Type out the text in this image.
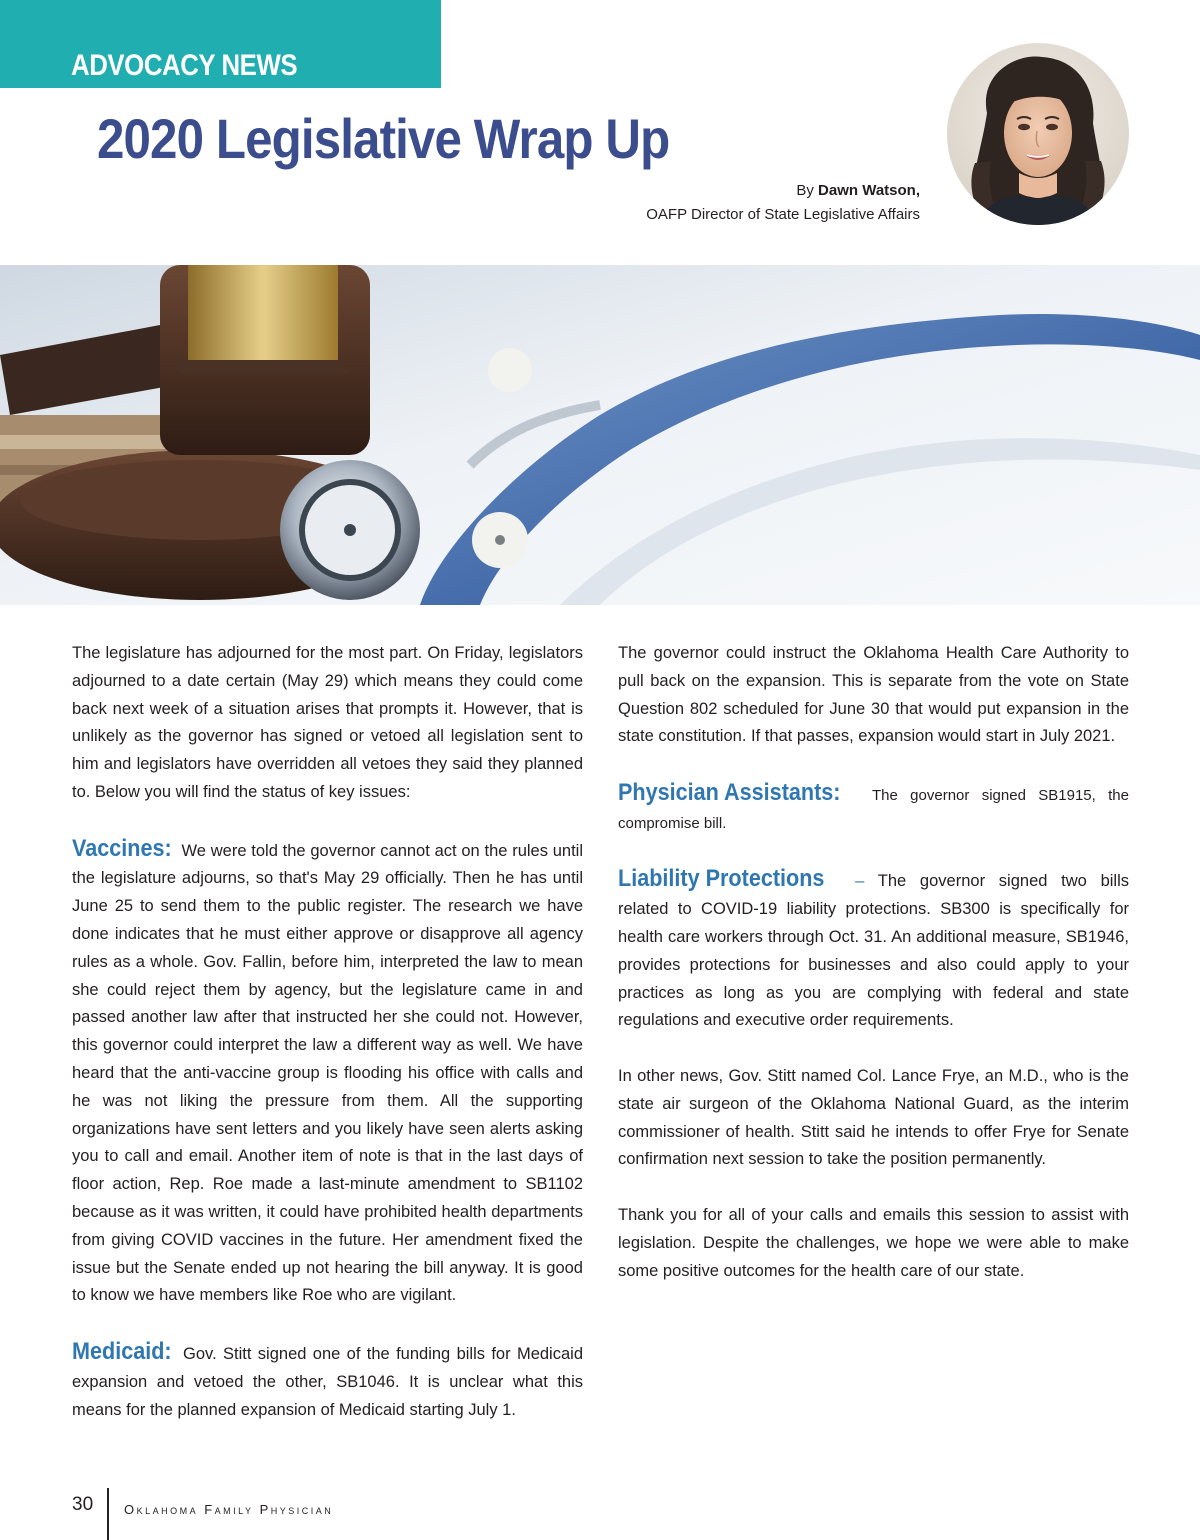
ADVOCACY NEWS
2020 Legislative Wrap Up
By Dawn Watson,
OAFP Director of State Legislative Affairs

The legislature has adjourned for the most part. On Friday, legislators adjourned to a date certain (May 29) which means they could come back next week of a situation arises that prompts it. However, that is unlikely as the governor has signed or vetoed all legislation sent to him and legislators have overridden all vetoes they said they planned to. Below you will find the status of key issues:

Vaccines: We were told the governor cannot act on the rules until the legislature adjourns, so that's May 29 officially. Then he has until June 25 to send them to the public register. The research we have done indicates that he must either approve or disapprove all agency rules as a whole. Gov. Fallin, before him, interpreted the law to mean she could reject them by agency, but the legislature came in and passed another law after that instructed her she could not. However, this governor could interpret the law a different way as well. We have heard that the anti-vaccine group is flooding his office with calls and he was not liking the pressure from them. All the supporting organizations have sent letters and you likely have seen alerts asking you to call and email. Another item of note is that in the last days of floor action, Rep. Roe made a last-minute amendment to SB1102 because as it was written, it could have prohibited health departments from giving COVID vaccines in the future. Her amendment fixed the issue but the Senate ended up not hearing the bill anyway. It is good to know we have members like Roe who are vigilant.

Medicaid: Gov. Stitt signed one of the funding bills for Medicaid expansion and vetoed the other, SB1046. It is unclear what this means for the planned expansion of Medicaid starting July 1.

The governor could instruct the Oklahoma Health Care Authority to pull back on the expansion. This is separate from the vote on State Question 802 scheduled for June 30 that would put expansion in the state constitution. If that passes, expansion would start in July 2021.

Physician Assistants: The governor signed SB1915, the compromise bill.

Liability Protections – The governor signed two bills related to COVID-19 liability protections. SB300 is specifically for health care workers through Oct. 31. An additional measure, SB1946, provides protections for businesses and also could apply to your practices as long as you are complying with federal and state regulations and executive order requirements.

In other news, Gov. Stitt named Col. Lance Frye, an M.D., who is the state air surgeon of the Oklahoma National Guard, as the interim commissioner of health. Stitt said he intends to offer Frye for Senate confirmation next session to take the position permanently.

Thank you for all of your calls and emails this session to assist with legislation. Despite the challenges, we hope we were able to make some positive outcomes for the health care of our state.

30 Oklahoma Family Physician
